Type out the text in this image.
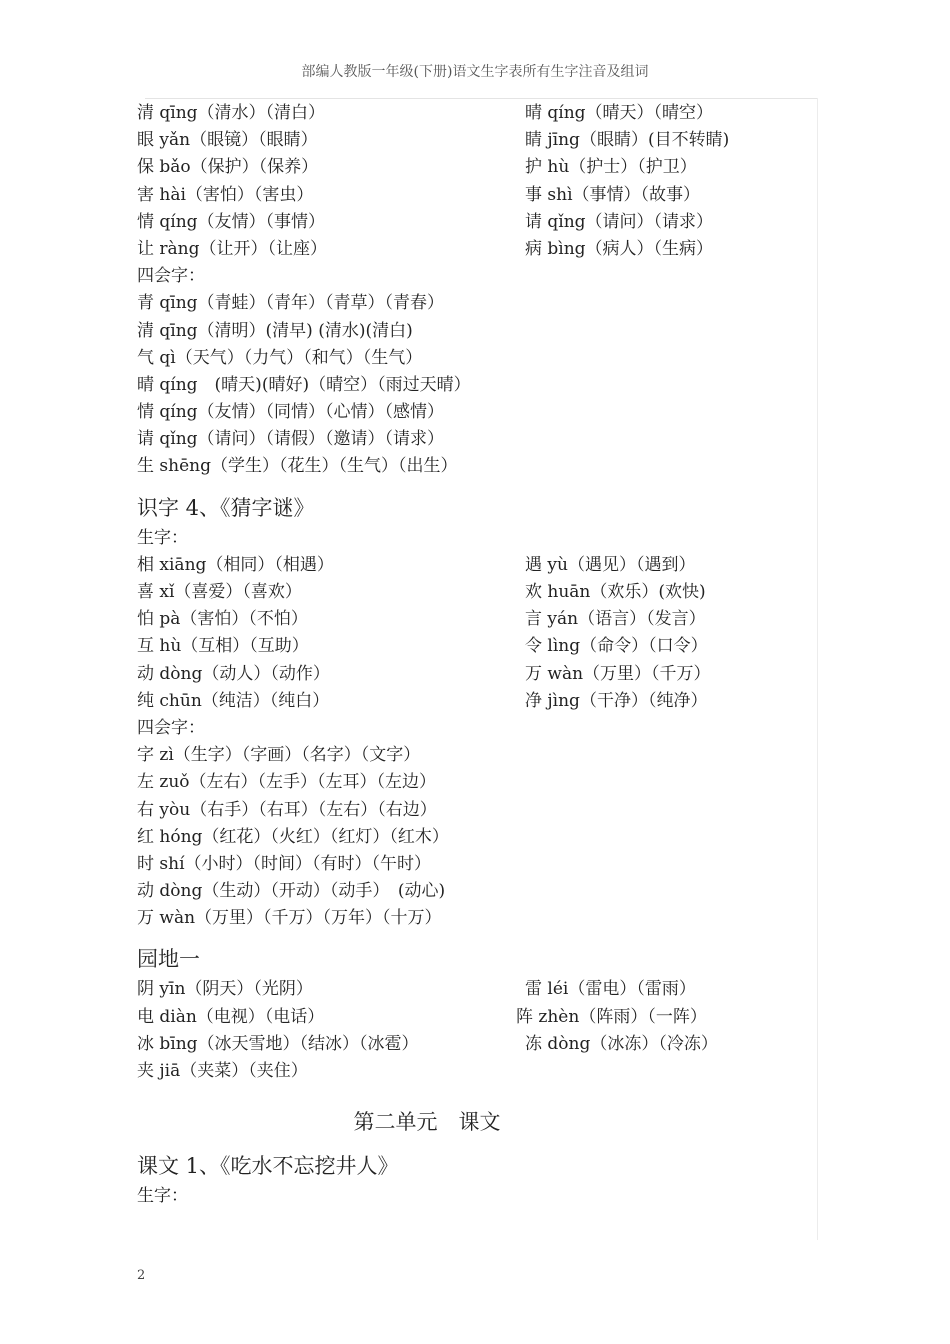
部编人教版一年级(下册)语文生字表所有生字注音及组词
清 qīng（清水）（清白）	晴 qíng（晴天）（晴空）
眼 yǎn（眼镜）（眼睛）	睛 jīng（眼睛）(目不转睛)
保 bǎo（保护）（保养）	护 hù（护士）（护卫）
害 hài（害怕）（害虫）	事 shì（事情）（故事）
情 qíng（友情）（事情）	请 qǐng（请问）（请求）
让 ràng（让开）（让座）	病 bìng（病人）（生病）
四会字：
青 qīng（青蛙）（青年）（青草）（青春）
清 qīng（清明）(清早) (清水)(清白)
气 qì（天气）（力气）（和气）（生气）
晴 qíng　(晴天)(晴好)（晴空）（雨过天晴）
情 qíng（友情）（同情）（心情）（感情）
请 qǐng（请问）（请假）（邀请）（请求）
生 shēng（学生）（花生）（生气）（出生）
识字 4、《猜字谜》
生字：
相 xiāng（相同）（相遇）	遇 yù（遇见）（遇到）
喜 xǐ（喜爱）（喜欢）	欢 huān（欢乐）(欢快)
怕 pà（害怕）（不怕）	言 yán（语言）（发言）
互 hù（互相）（互助）	令 lìng（命令）（口令）
动 dòng（动人）（动作）	万 wàn（万里）（千万）
纯 chūn（纯洁）（纯白）	净 jìng（干净）（纯净）
四会字：
字 zì（生字）（字画）（名字）（文字）
左 zuǒ（左右）（左手）（左耳）（左边）
右 yòu（右手）（右耳）（左右）（右边）
红 hóng（红花）（火红）（红灯）（红木）
时 shí（小时）（时间）（有时）（午时）
动 dòng（生动）（开动）（动手）　(动心)
万 wàn（万里）（千万）（万年）（十万）
园地一
阴 yīn（阴天）（光阴）	雷 léi（雷电）（雷雨）
电 diàn（电视）（电话）	阵 zhèn（阵雨）（一阵）
冰 bīng（冰天雪地）（结冰）（冰雹）	冻 dòng（冰冻）（冷冻）
夹 jiā（夹菜）（夹住）
第二单元　课文
课文 1、《吃水不忘挖井人》
生字：
2
